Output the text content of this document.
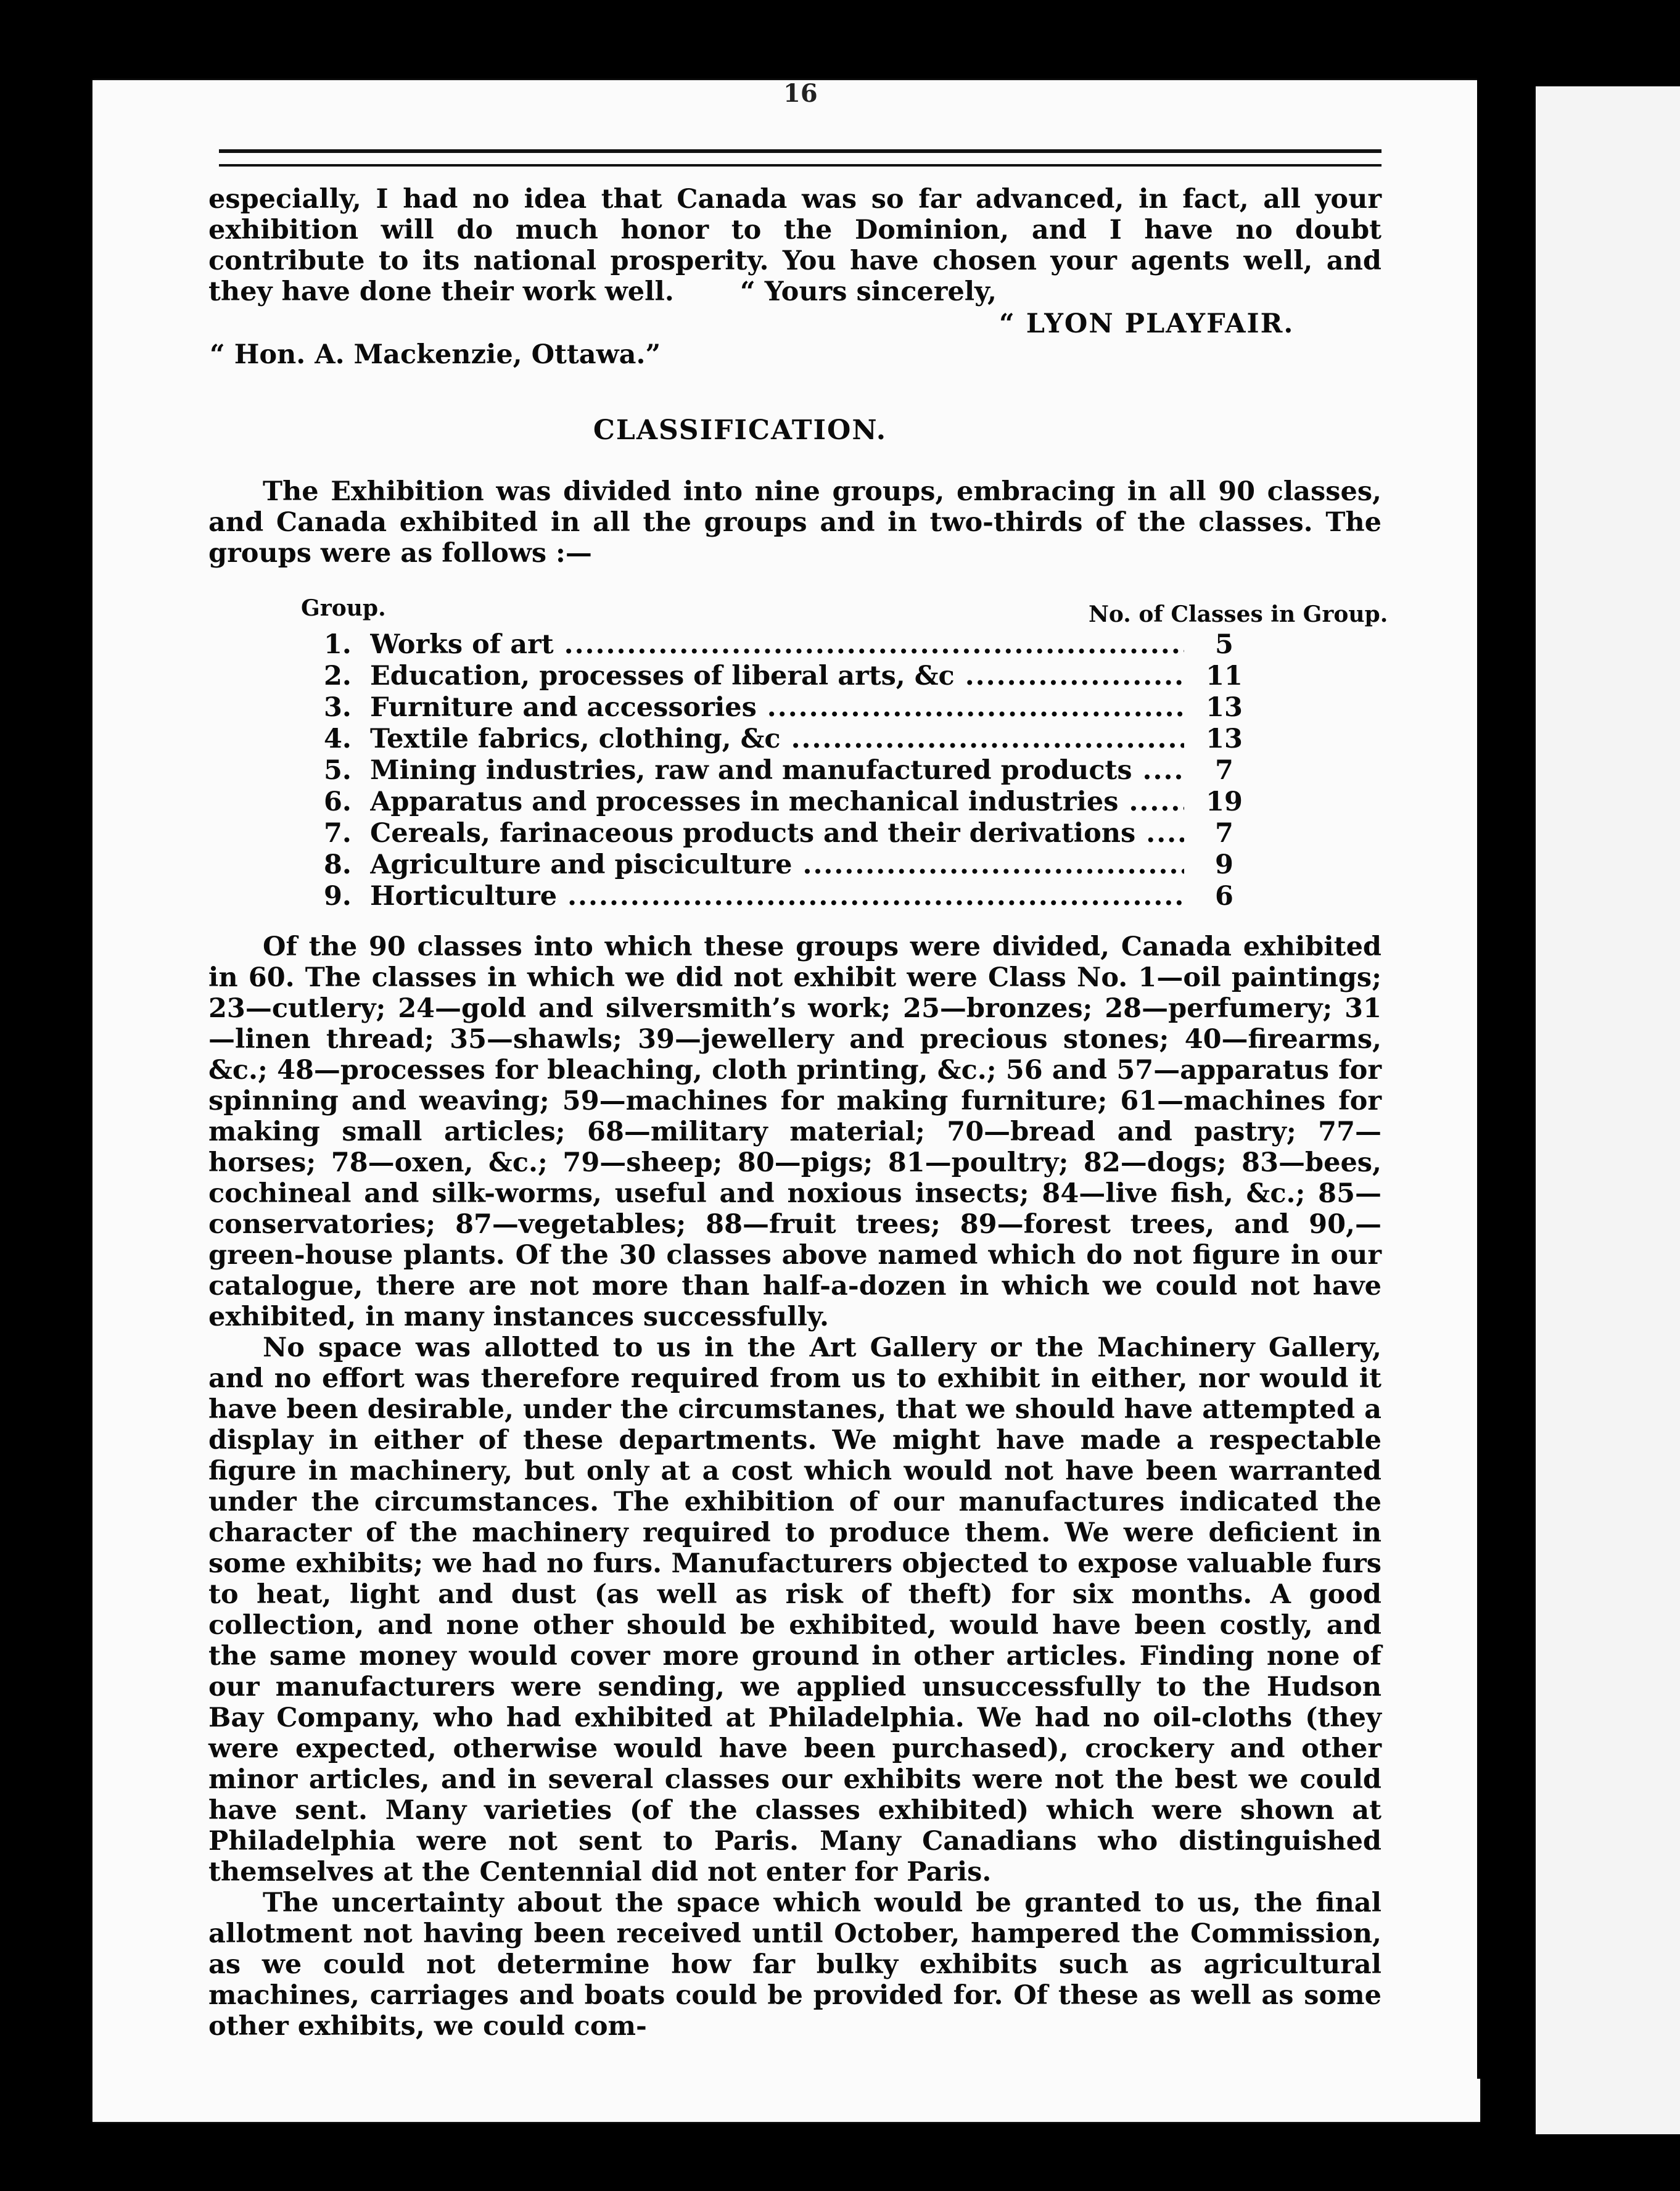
16

especially, I had no idea that Canada was so far advanced, in fact, all your exhibition will do much honor to the Dominion, and I have no doubt contribute to its national prosperity. You have chosen your agents well, and they have done their work well.	“ Yours sincerely,
“ LYON PLAYFAIR.
“ Hon. A. Mackenzie, Ottawa.”
CLASSIFICATION.

The Exhibition was divided into nine groups, embracing in all 90 classes, and Canada exhibited in all the groups and in two-thirds of the classes. The groups were as follows :—

Group.	No. of Classes in Group.
1. Works of art .....	5
2. Education, processes of liberal arts, &c .....	11
3. Furniture and accessories .....	13
4. Textile fabrics, clothing, &c .....	13
5. Mining industries, raw and manufactured products .....	7
6. Apparatus and processes in mechanical industries .....	19
7. Cereals, farinaceous products and their derivations .....	7
8. Agriculture and pisciculture .....	9
9. Horticulture .....	6

Of the 90 classes into which these groups were divided, Canada exhibited in 60. The classes in which we did not exhibit were Class No. 1—oil paintings; 23—cutlery; 24—gold and silversmith’s work; 25—bronzes; 28—perfumery; 31—linen thread; 35—shawls; 39—jewellery and precious stones; 40—firearms, &c.; 48—processes for bleaching, cloth printing, &c.; 56 and 57—apparatus for spinning and weaving; 59—machines for making furniture; 61—machines for making small articles; 68—military material; 70—bread and pastry; 77—horses; 78—oxen, &c.; 79—sheep; 80—pigs; 81—poultry; 82—dogs; 83—bees, cochineal and silk-worms, useful and noxious insects; 84—live fish, &c.; 85—conservatories; 87—vegetables; 88—fruit trees; 89—forest trees, and 90,—green-house plants. Of the 30 classes above named which do not figure in our catalogue, there are not more than half-a-dozen in which we could not have exhibited, in many instances successfully.

No space was allotted to us in the Art Gallery or the Machinery Gallery, and no effort was therefore required from us to exhibit in either, nor would it have been desirable, under the circumstanes, that we should have attempted a display in either of these departments. We might have made a respectable figure in machinery, but only at a cost which would not have been warranted under the circumstances. The exhibition of our manufactures indicated the character of the machinery required to produce them. We were deficient in some exhibits; we had no furs. Manufacturers objected to expose valuable furs to heat, light and dust (as well as risk of theft) for six months. A good collection, and none other should be exhibited, would have been costly, and the same money would cover more ground in other articles. Finding none of our manufacturers were sending, we applied unsuccessfully to the Hudson Bay Company, who had exhibited at Philadelphia. We had no oil-cloths (they were expected, otherwise would have been purchased), crockery and other minor articles, and in several classes our exhibits were not the best we could have sent. Many varieties (of the classes exhibited) which were shown at Philadelphia were not sent to Paris. Many Canadians who distinguished themselves at the Centennial did not enter for Paris.

The uncertainty about the space which would be granted to us, the final allotment not having been received until October, hampered the Commission, as we could not determine how far bulky exhibits such as agricultural machines, carriages and boats could be provided for. Of these as well as some other exhibits, we could com-
